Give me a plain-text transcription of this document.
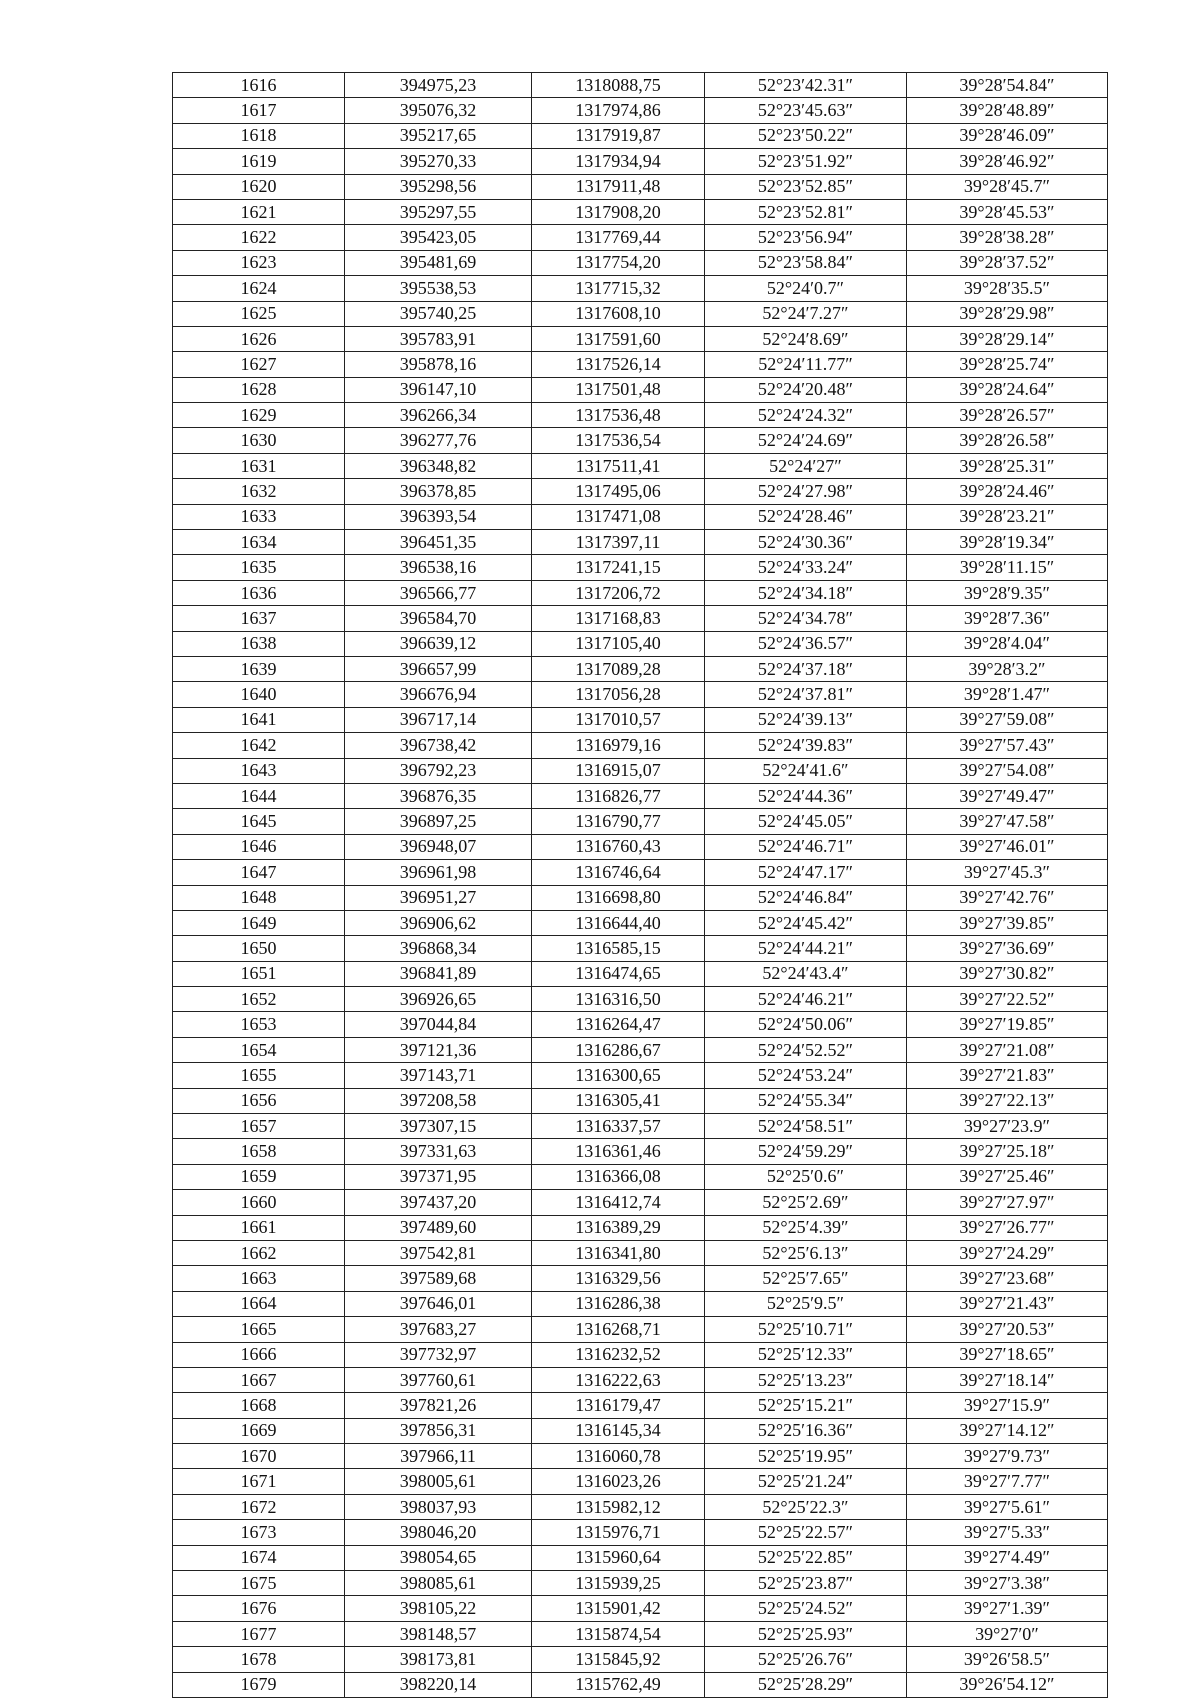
1616	394975,23	1318088,75	52°23′42.31″	39°28′54.84″
1617	395076,32	1317974,86	52°23′45.63″	39°28′48.89″
1618	395217,65	1317919,87	52°23′50.22″	39°28′46.09″
1619	395270,33	1317934,94	52°23′51.92″	39°28′46.92″
1620	395298,56	1317911,48	52°23′52.85″	39°28′45.7″
1621	395297,55	1317908,20	52°23′52.81″	39°28′45.53″
1622	395423,05	1317769,44	52°23′56.94″	39°28′38.28″
1623	395481,69	1317754,20	52°23′58.84″	39°28′37.52″
1624	395538,53	1317715,32	52°24′0.7″	39°28′35.5″
1625	395740,25	1317608,10	52°24′7.27″	39°28′29.98″
1626	395783,91	1317591,60	52°24′8.69″	39°28′29.14″
1627	395878,16	1317526,14	52°24′11.77″	39°28′25.74″
1628	396147,10	1317501,48	52°24′20.48″	39°28′24.64″
1629	396266,34	1317536,48	52°24′24.32″	39°28′26.57″
1630	396277,76	1317536,54	52°24′24.69″	39°28′26.58″
1631	396348,82	1317511,41	52°24′27″	39°28′25.31″
1632	396378,85	1317495,06	52°24′27.98″	39°28′24.46″
1633	396393,54	1317471,08	52°24′28.46″	39°28′23.21″
1634	396451,35	1317397,11	52°24′30.36″	39°28′19.34″
1635	396538,16	1317241,15	52°24′33.24″	39°28′11.15″
1636	396566,77	1317206,72	52°24′34.18″	39°28′9.35″
1637	396584,70	1317168,83	52°24′34.78″	39°28′7.36″
1638	396639,12	1317105,40	52°24′36.57″	39°28′4.04″
1639	396657,99	1317089,28	52°24′37.18″	39°28′3.2″
1640	396676,94	1317056,28	52°24′37.81″	39°28′1.47″
1641	396717,14	1317010,57	52°24′39.13″	39°27′59.08″
1642	396738,42	1316979,16	52°24′39.83″	39°27′57.43″
1643	396792,23	1316915,07	52°24′41.6″	39°27′54.08″
1644	396876,35	1316826,77	52°24′44.36″	39°27′49.47″
1645	396897,25	1316790,77	52°24′45.05″	39°27′47.58″
1646	396948,07	1316760,43	52°24′46.71″	39°27′46.01″
1647	396961,98	1316746,64	52°24′47.17″	39°27′45.3″
1648	396951,27	1316698,80	52°24′46.84″	39°27′42.76″
1649	396906,62	1316644,40	52°24′45.42″	39°27′39.85″
1650	396868,34	1316585,15	52°24′44.21″	39°27′36.69″
1651	396841,89	1316474,65	52°24′43.4″	39°27′30.82″
1652	396926,65	1316316,50	52°24′46.21″	39°27′22.52″
1653	397044,84	1316264,47	52°24′50.06″	39°27′19.85″
1654	397121,36	1316286,67	52°24′52.52″	39°27′21.08″
1655	397143,71	1316300,65	52°24′53.24″	39°27′21.83″
1656	397208,58	1316305,41	52°24′55.34″	39°27′22.13″
1657	397307,15	1316337,57	52°24′58.51″	39°27′23.9″
1658	397331,63	1316361,46	52°24′59.29″	39°27′25.18″
1659	397371,95	1316366,08	52°25′0.6″	39°27′25.46″
1660	397437,20	1316412,74	52°25′2.69″	39°27′27.97″
1661	397489,60	1316389,29	52°25′4.39″	39°27′26.77″
1662	397542,81	1316341,80	52°25′6.13″	39°27′24.29″
1663	397589,68	1316329,56	52°25′7.65″	39°27′23.68″
1664	397646,01	1316286,38	52°25′9.5″	39°27′21.43″
1665	397683,27	1316268,71	52°25′10.71″	39°27′20.53″
1666	397732,97	1316232,52	52°25′12.33″	39°27′18.65″
1667	397760,61	1316222,63	52°25′13.23″	39°27′18.14″
1668	397821,26	1316179,47	52°25′15.21″	39°27′15.9″
1669	397856,31	1316145,34	52°25′16.36″	39°27′14.12″
1670	397966,11	1316060,78	52°25′19.95″	39°27′9.73″
1671	398005,61	1316023,26	52°25′21.24″	39°27′7.77″
1672	398037,93	1315982,12	52°25′22.3″	39°27′5.61″
1673	398046,20	1315976,71	52°25′22.57″	39°27′5.33″
1674	398054,65	1315960,64	52°25′22.85″	39°27′4.49″
1675	398085,61	1315939,25	52°25′23.87″	39°27′3.38″
1676	398105,22	1315901,42	52°25′24.52″	39°27′1.39″
1677	398148,57	1315874,54	52°25′25.93″	39°27′0″
1678	398173,81	1315845,92	52°25′26.76″	39°26′58.5″
1679	398220,14	1315762,49	52°25′28.29″	39°26′54.12″
